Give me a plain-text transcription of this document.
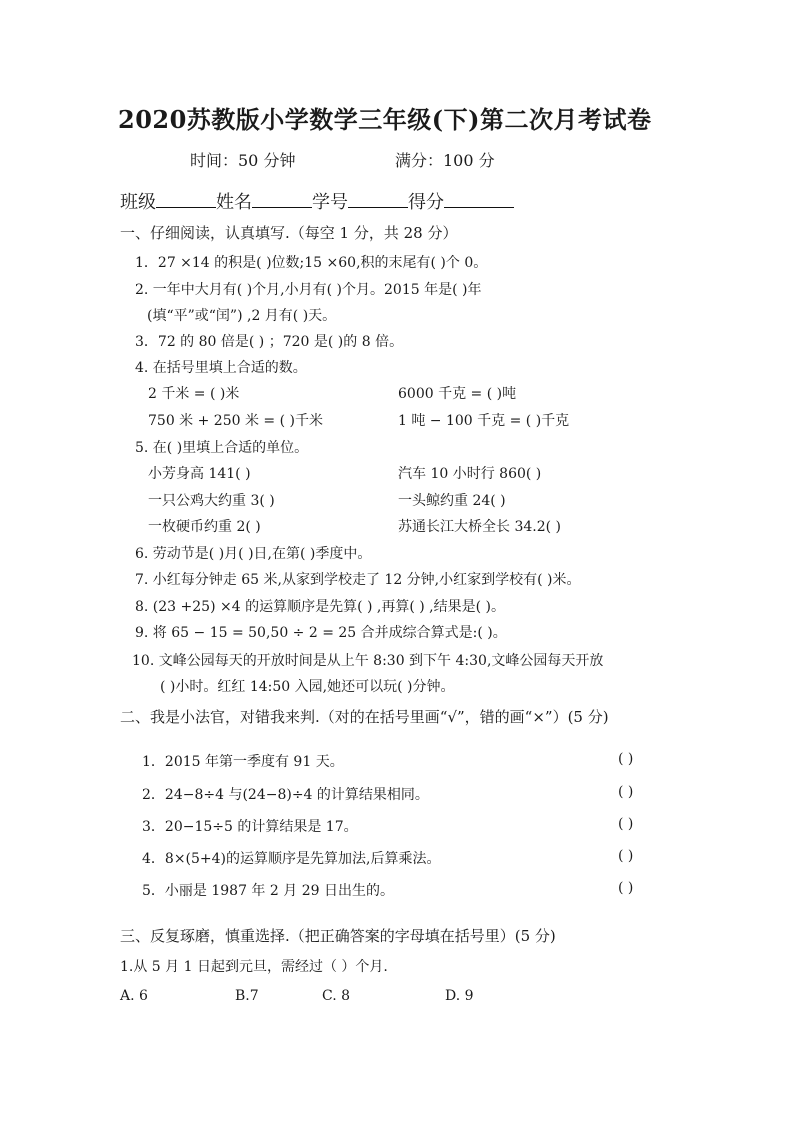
2020苏教版小学数学三年级(下)第二次月考试卷
时间：50 分钟	满分：100 分
班级	姓名	学号	得分
一、仔细阅读，认真填写.（每空 1 分，共 28 分）
1．27 ×14 的积是( )位数;15 ×60,积的末尾有( )个 0。
2. 一年中大月有( )个月,小月有( )个月。2015 年是( )年
(填“平”或“闰”) ,2 月有( )天。
3．72 的 80 倍是( ) ；720 是( )的 8 倍。
4. 在括号里填上合适的数。
2 千米 = ( )米	6000 千克 = ( )吨
750 米 + 250 米 = ( )千米	1 吨 − 100 千克 = ( )千克
5. 在( )里填上合适的单位。
小芳身高 141( )	汽车 10 小时行 860( )
一只公鸡大约重 3( )	一头鲸约重 24( )
一枚硬币约重 2( )	苏通长江大桥全长 34.2( )
6. 劳动节是( )月( )日,在第( )季度中。
7. 小红每分钟走 65 米,从家到学校走了 12 分钟,小红家到学校有( )米。
8. (23 +25) ×4 的运算顺序是先算( ) ,再算( ) ,结果是( )。
9. 将 65 − 15 = 50,50 ÷ 2 = 25 合并成综合算式是:( )。
10. 文峰公园每天的开放时间是从上午 8:30 到下午 4:30,文峰公园每天开放
( )小时。红红 14:50 入园,她还可以玩( )分钟。
二、我是小法官，对错我来判.（对的在括号里画“√”，错的画“×”）(5 分)
1．2015 年第一季度有 91 天。	( )
2．24−8÷4 与(24−8)÷4 的计算结果相同。	( )
3．20−15÷5 的计算结果是 17。	( )
4．8×(5+4)的运算顺序是先算加法,后算乘法。	( )
5．小丽是 1987 年 2 月 29 日出生的。	( )
三、反复琢磨，慎重选择.（把正确答案的字母填在括号里）(5 分)
1.从 5 月 1 日起到元旦，需经过（ ）个月.
A. 6	B.7	C. 8	D. 9
